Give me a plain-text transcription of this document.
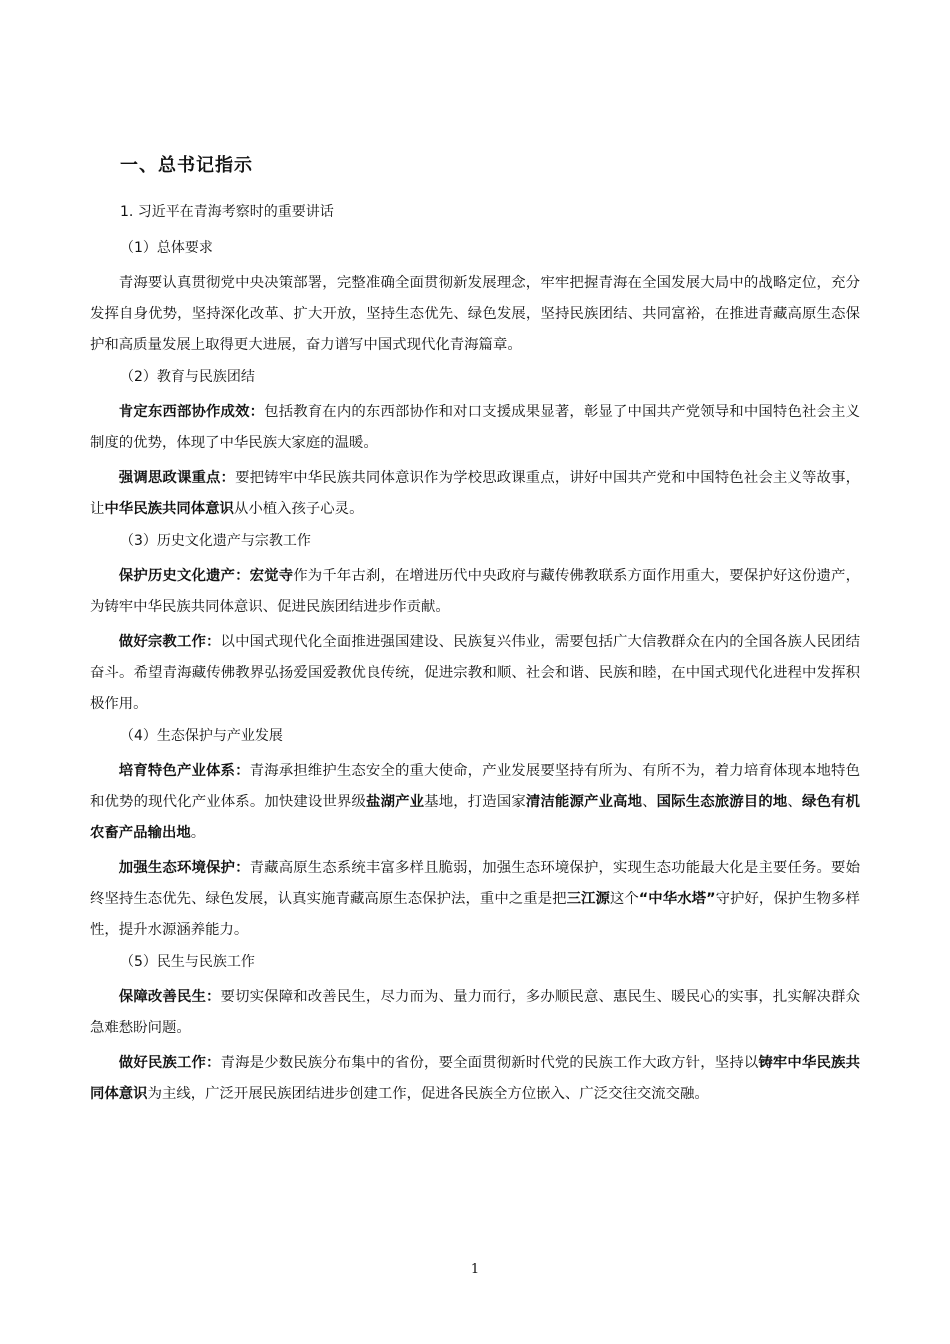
一、总书记指示
1. 习近平在青海考察时的重要讲话
（1）总体要求

青海要认真贯彻党中央决策部署，完整准确全面贯彻新发展理念，牢牢把握青海在全国发展大局中的战略定位，充分发挥自身优势，坚持深化改革、扩大开放，坚持生态优先、绿色发展，坚持民族团结、共同富裕，在推进青藏高原生态保护和高质量发展上取得更大进展，奋力谱写中国式现代化青海篇章。

（2）教育与民族团结

肯定东西部协作成效：包括教育在内的东西部协作和对口支援成果显著，彰显了中国共产党领导和中国特色社会主义制度的优势，体现了中华民族大家庭的温暖。

强调思政课重点：要把铸牢中华民族共同体意识作为学校思政课重点，讲好中国共产党和中国特色社会主义等故事，让中华民族共同体意识从小植入孩子心灵。

（3）历史文化遗产与宗教工作

保护历史文化遗产：宏觉寺作为千年古刹，在增进历代中央政府与藏传佛教联系方面作用重大，要保护好这份遗产，为铸牢中华民族共同体意识、促进民族团结进步作贡献。

做好宗教工作：以中国式现代化全面推进强国建设、民族复兴伟业，需要包括广大信教群众在内的全国各族人民团结奋斗。希望青海藏传佛教界弘扬爱国爱教优良传统，促进宗教和顺、社会和谐、民族和睦，在中国式现代化进程中发挥积极作用。

（4）生态保护与产业发展

培育特色产业体系：青海承担维护生态安全的重大使命，产业发展要坚持有所为、有所不为，着力培育体现本地特色和优势的现代化产业体系。加快建设世界级盐湖产业基地，打造国家清洁能源产业高地、国际生态旅游目的地、绿色有机农畜产品输出地。

加强生态环境保护：青藏高原生态系统丰富多样且脆弱，加强生态环境保护，实现生态功能最大化是主要任务。要始终坚持生态优先、绿色发展，认真实施青藏高原生态保护法，重中之重是把三江源这个“中华水塔”守护好，保护生物多样性，提升水源涵养能力。

（5）民生与民族工作

保障改善民生：要切实保障和改善民生，尽力而为、量力而行，多办顺民意、惠民生、暖民心的实事，扎实解决群众急难愁盼问题。

做好民族工作：青海是少数民族分布集中的省份，要全面贯彻新时代党的民族工作大政方针，坚持以铸牢中华民族共同体意识为主线，广泛开展民族团结进步创建工作，促进各民族全方位嵌入、广泛交往交流交融。

1
